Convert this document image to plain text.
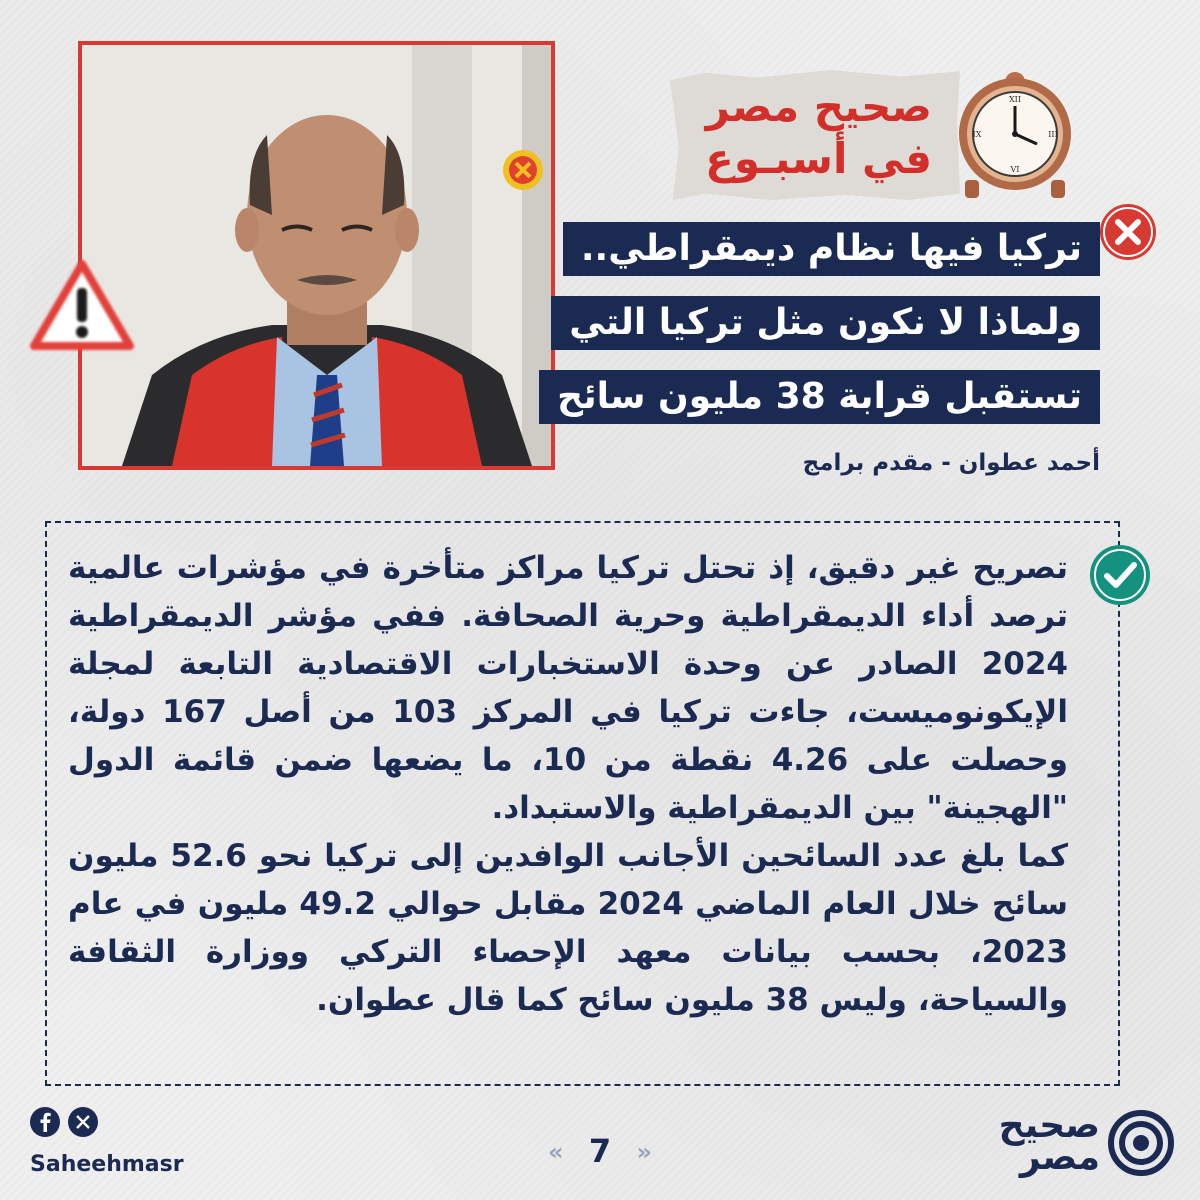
صحيح مصر
في أسبـوع
XII
III
VI
IX
تركيا فيها نظام ديمقراطي..
ولماذا لا نكون مثل تركيا التي
تستقبل قرابة 38 مليون سائح
أحمد عطوان - مقدم برامج

تصريح غير دقيق، إذ تحتل تركيا مراكز متأخرة في مؤشرات عالمية ترصد أداء الديمقراطية وحرية الصحافة. ففي مؤشر الديمقراطية 2024 الصادر عن وحدة الاستخبارات الاقتصادية التابعة لمجلة الإيكونوميست، جاءت تركيا في المركز 103 من أصل 167 دولة، وحصلت على 4.26 نقطة من 10، ما يضعها ضمن قائمة الدول "الهجينة" بين الديمقراطية والاستبداد.

كما بلغ عدد السائحين الأجانب الوافدين إلى تركيا نحو 52.6 مليون سائح خلال العام الماضي 2024 مقابل حوالي 49.2 مليون في عام 2023، بحسب بيانات معهد الإحصاء التركي ووزارة الثقافة والسياحة، وليس 38 مليون سائح كما قال عطوان.

Saheehmasr	« 7 »
صحيح
مصر
